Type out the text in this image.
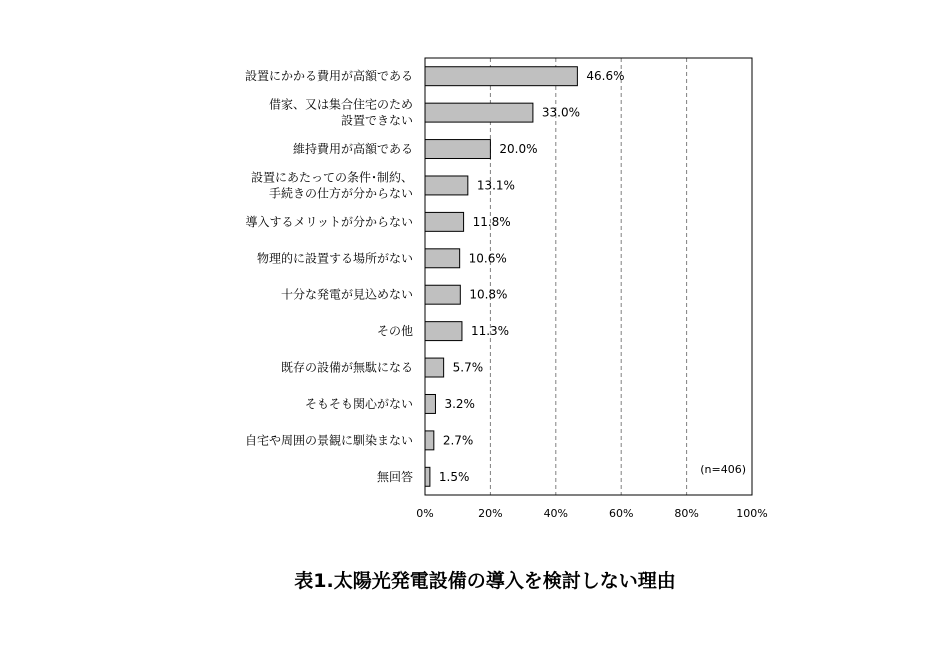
0%	20%	40%	60%	80%	100%
46.6%
設置にかかる費用が高額である
33.0%
借家、又は集合住宅のため
設置できない
20.0%
維持費用が高額である
13.1%
設置にあたっての条件･制約、
手続きの仕方が分からない
11.8%
導入するメリットが分からない
10.6%
物理的に設置する場所がない
10.8%
十分な発電が見込めない
11.3%
その他
5.7%
既存の設備が無駄になる
3.2%
そもそも関心がない
2.7%
自宅や周囲の景観に馴染まない
1.5%
無回答
(n=406)
表1.太陽光発電設備の導入を検討しない理由
